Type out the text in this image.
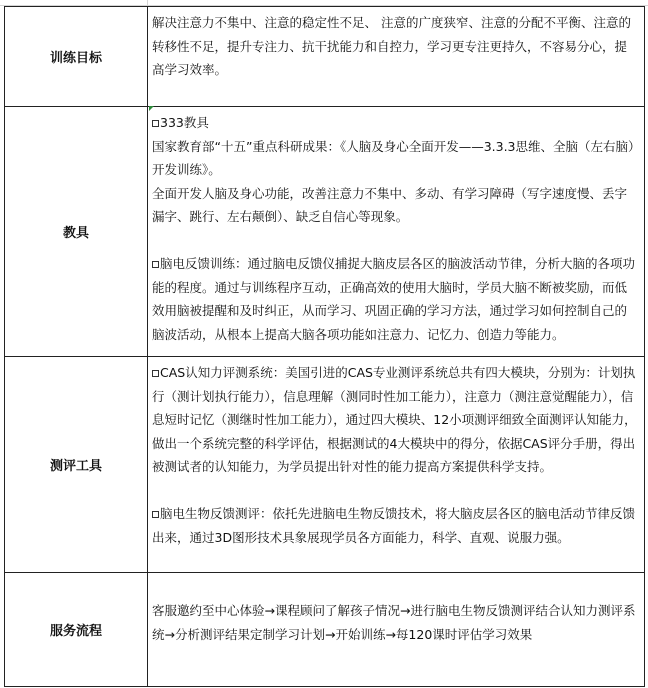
训练目标	解决注意力不集中、注意的稳定性不足、 注意的广度狭窄、注意的分配不平衡、注意的转移性不足，提升专注力、抗干扰能力和自控力，学习更专注更持久，不容易分心，提高学习效率。

教具	333教具

国家教育部“十五”重点科研成果：《人脑及身心全面开发——3.3.3思维、全脑（左右脑）开发训练》。

全面开发人脑及身心功能，改善注意力不集中、多动、有学习障碍（写字速度慢、丢字漏字、跳行、左右颠倒）、缺乏自信心等现象。

脑电反馈训练：通过脑电反馈仪捕捉大脑皮层各区的脑波活动节律，分析大脑的各项功能的程度。通过与训练程序互动，正确高效的使用大脑时，学员大脑不断被奖励，而低效用脑被提醒和及时纠正，从而学习、巩固正确的学习方法，通过学习如何控制自己的脑波活动，从根本上提高大脑各项功能如注意力、记忆力、创造力等能力。

测评工具	CAS认知力评测系统：美国引进的CAS专业测评系统总共有四大模块，分别为：计划执行（测计划执行能力），信息理解（测同时性加工能力），注意力（测注意觉醒能力），信息短时记忆（测继时性加工能力），通过四大模块、12小项测评细致全面测评认知能力，做出一个系统完整的科学评估，根据测试的4大模块中的得分，依据CAS评分手册，得出被测试者的认知能力，为学员提出针对性的能力提高方案提供科学支持。

脑电生物反馈测评：依托先进脑电生物反馈技术，将大脑皮层各区的脑电活动节律反馈出来，通过3D图形技术具象展现学员各方面能力，科学、直观、说服力强。

服务流程	客服邀约至中心体验→课程顾问了解孩子情况→进行脑电生物反馈测评结合认知力测评系统→分析测评结果定制学习计划→开始训练→每120课时评估学习效果
